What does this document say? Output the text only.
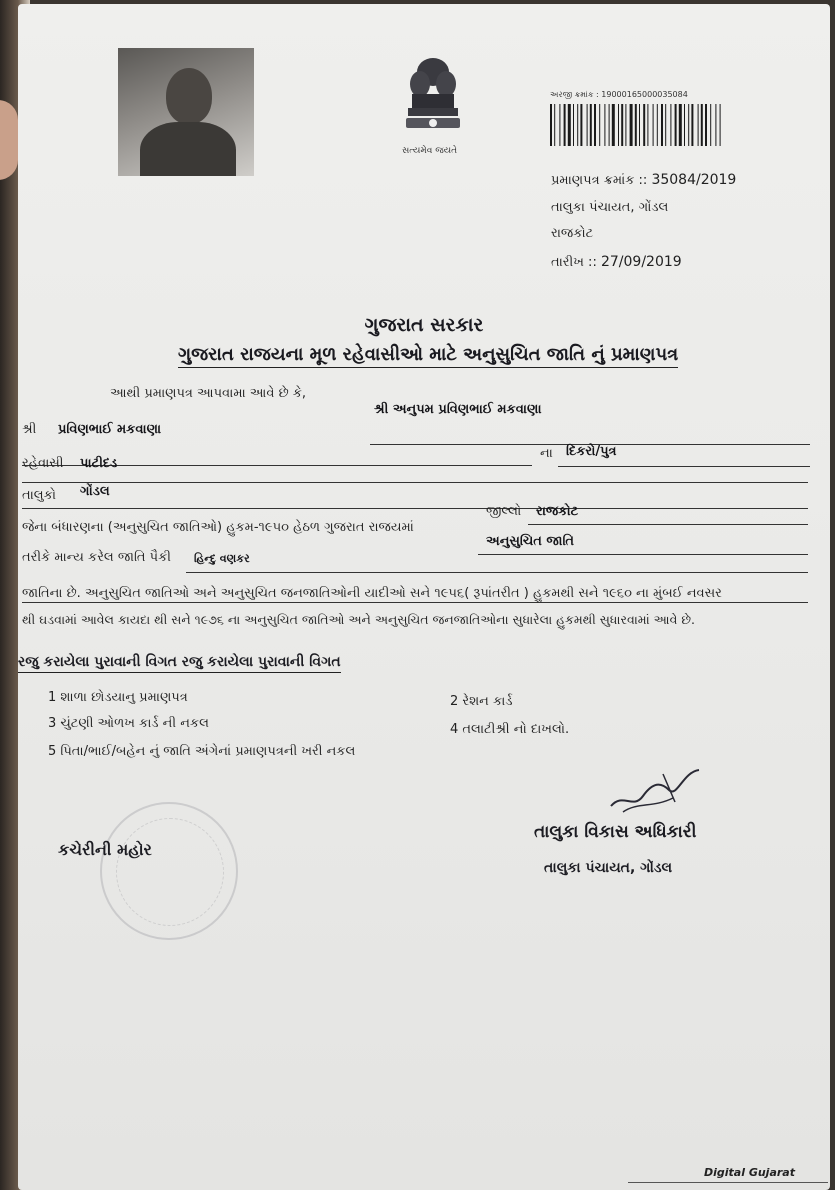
સત્યમેવ જયતે
અરજી ક્રમાંક : 19000165000035084
પ્રમાણપત્ર ક્રમાંક :: 35084/2019
તાલુકા પંચાયત, ગોંડલ
રાજકોટ
તારીખ :: 27/09/2019
ગુજરાત સરકાર
ગુજરાત રાજયના મૂળ રહેવાસીઓ માટે અનુસુચિત જાતિ નું પ્રમાણપત્ર
આથી પ્રમાણપત્ર આપવામા આવે છે કે,
શ્રી અનુપમ પ્રવિણભાઈ મકવાણા
શ્રી પ્રવિણભાઈ મકવાણા
ના દિકરો/પુત્ર
રહેવાસી પાટીદડ
તાલુકો ગોંડલ
જીલ્લો રાજકોટ
જેના બંધારણના (અનુસુચિત જાતિઓ) હુકમ-૧૯૫૦ હેઠળ ગુજરાત રાજયમાં
અનુસુચિત જાતિ
તરીકે માન્ય કરેલ જાતિ પૈકી હિન્દુ વણકર
જાતિના છે. અનુસુચિત જાતિઓ અને અનુસુચિત જનજાતિઓની યાદીઓ સને ૧૯૫૬( રૂપાંતરીત ) હુકમથી સને ૧૯૬૦ ના મુંબઈ નવસર
થી ઘડવામાં આવેલ કાયદા થી સને ૧૯૭૬ ના અનુસુચિત જાતિઓ અને અનુસુચિત જનજાતિઓના સુધારેલા હુકમથી સુધારવામાં આવે છે.
રજુ કરાયેલા પુરાવાની વિગત રજુ કરાયેલા પુરાવાની વિગત
1 શાળા છોડયાનુ પ્રમાણપત્ર	2 રેશન કાર્ડ
3 ચુંટણી ઓળખ કાર્ડ ની નકલ	4 તલાટીશ્રી નો દાખલો.
5 પિતા/ભાઈ/બહેન નું જાતિ અંગેનાં પ્રમાણપત્રની ખરી નકલ
કચેરીની મહોર
તાલુકા વિકાસ અધિકારી
તાલુકા પંચાયત, ગોંડલ
Digital Gujarat
